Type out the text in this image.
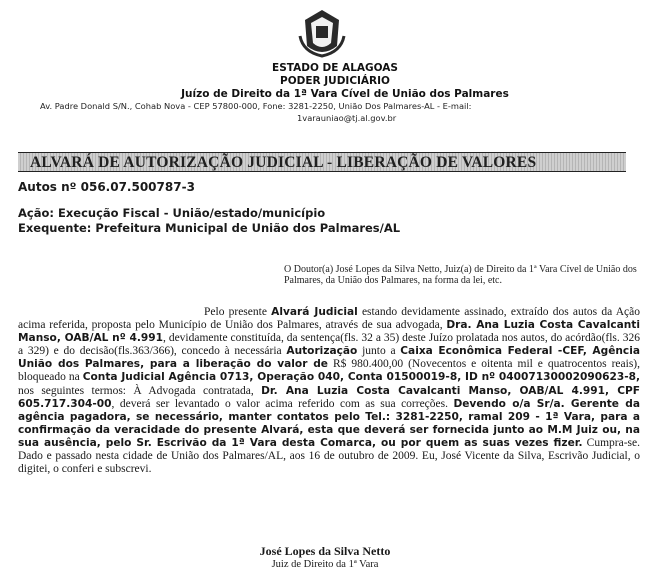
ESTADO DE ALAGOAS
PODER JUDICIÁRIO
Juízo de Direito da 1ª Vara Cível de União dos Palmares
Av. Padre Donald S/N., Cohab Nova - CEP 57800-000, Fone: 3281-2250, União Dos Palmares-AL - E-mail:
1varauniao@tj.al.gov.br
ALVARÁ DE AUTORIZAÇÃO JUDICIAL - LIBERAÇÃO DE VALORES
Autos nº 056.07.500787-3
Ação: Execução Fiscal - União/estado/município
Exequente: Prefeitura Municipal de União dos Palmares/AL
O Doutor(a) José Lopes da Silva Netto, Juiz(a) de Direito da 1ª Vara Cível de União dos Palmares, da União dos Palmares, na forma da lei, etc.
Pelo presente Alvará Judicial estando devidamente assinado, extraído dos autos da Ação acima referida, proposta pelo Município de União dos Palmares, através de sua advogada, Dra. Ana Luzia Costa Cavalcanti Manso, OAB/AL nº 4.991, devidamente constituída, da sentença(fls. 32 a 35) deste Juízo prolatada nos autos, do acórdão(fls. 326 a 329) e do decisão(fls.363/366), concedo à necessária Autorização junto a Caixa Econômica Federal -CEF, Agência União dos Palmares, para a liberação do valor de R$ 980.400,00 (Novecentos e oitenta mil e quatrocentos reais), bloqueado na Conta Judicial Agência 0713, Operação 040, Conta 01500019-8, ID nº 04007130002090623-8, nos seguintes termos: À Advogada contratada, Dr. Ana Luzia Costa Cavalcanti Manso, OAB/AL 4.991, CPF 605.717.304-00, deverá ser levantado o valor acima referido com as sua correções. Devendo o/a Sr/a. Gerente da agência pagadora, se necessário, manter contatos pelo Tel.: 3281-2250, ramal 209 - 1ª Vara, para a confirmação da veracidade do presente Alvará, esta que deverá ser fornecida junto ao M.M Juiz ou, na sua ausência, pelo Sr. Escrivão da 1ª Vara desta Comarca, ou por quem as suas vezes fizer. Cumpra-se. Dado e passado nesta cidade de União dos Palmares/AL, aos 16 de outubro de 2009. Eu, José Vicente da Silva, Escrivão Judicial, o digitei, o conferi e subscrevi.
José Lopes da Silva Netto
Juiz de Direito da 1ª Vara
